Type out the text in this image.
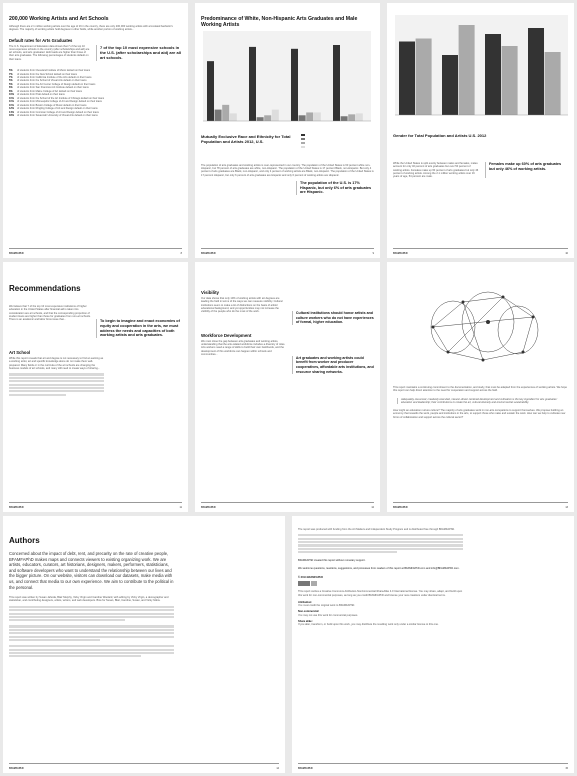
200,000 Working Artists and Art Schools
Although there are 2.1 million working artists over the age of 16 in the country, there are only 200,000 working artists with art-related bachelor's degrees. The majority of working artists hold degrees in other fields, while another portion of working artists...
Default rates for Arts Graduates
The U.S. Department of Education data shows that 7 of the top 10 most expensive schools in the country (after scholarships and aid) are art schools, and arts graduates' debt loads are higher than those of their arts graduates. The following percentages of students default on their loans.
7 of the top 10 most expensive schools in the U.S. (after scholarships and aid) are all art schools.
5%	of students from Cleveland Institute of Music default on their loans
7%	of students from the New School default on their loans
7%	of students from California Institute of the Arts default on their loans
5%	of students from the School of Visual Arts default on their loans
5%	of students from the Art Center College of Design default on their loans
6%	of students from San Francisco Art Institute default on their loans
8%	of students from Maine College of Art default on their loans
10%	of students from Pratt default on their loans
11%	of students from the School of the Art Institute of Chicago default on their loans
11%	of students from Minneapolis College of Art and Design default on their loans
11%	of students from Boston College of Music default on their loans
12%	of students from Ringling College of Art and Design default on their loans
14%	of students from Corcoran College of Art and Design default on their loans
18%	of students from Savannah University of Visual Arts default on their loans
BFAMFAPhD	8
Predominance of White, Non-Hispanic Arts Graduates and Male Working Artists
Mutually Exclusive Race and Ethnicity for Total Population and Artists 2012, U.S.
The population of arts graduates and working artists is over-represented in our country. The population of the United States is 63 percent white non-Hispanic, but 78 percent of arts graduates are white, non-Hispanic. The population of the United States is 17 percent Black, non-Hispanic. But only 4 percent of arts graduates are Black, non-Hispanic, and only 4 percent of working artists are Black, non-Hispanic. The population of the United States is 17 percent Hispanic, but only 6 percent of arts graduates are Hispanic and only 6 percent of working artists are Hispanic.
The population of the U.S. is 17% Hispanic, but only 6% of arts graduates are Hispanic.
BFAMFAPhD	9
Gender for Total Population and Artists U.S. 2012
While the United States is split evenly between males and females, males account for only 40 percent of arts graduates but over 50 percent of working artists. Females make up 60 percent of arts graduates but only 46 percent of working artists. Among the 2.1 million working artists over 16 years of age, 54 percent are male.
Females make up 60% of arts graduates but only 46% of working artists.
BFAMFAPhD	10
Recommendations
We believe that 7 of the top 10 most expensive institutions of higher education in the United States after financial aid is taken into consideration are art schools, and that the corresponding proportion of student loans are higher than those for graduates from non-art schools. There is an academic and labor force issue that...	To begin to imagine and enact economies of equity and cooperation in the arts, we must address the needs and capacities of both working artists and arts graduates.
Art School
While this report reveals that art and degree is not necessary to find an earning as a working artist, art and specific knowledge alone do not make them well-prepared. Many fields or in the curricula of the art schools are changing the business models of art schools, and many still need to create ways of sharing...
BFAMFAPhD	11
Visibility
Our data shows that only 10% of working artists with art degrees are leading the field in terms of the ways we can measure visibility. Cultural institutions seem to make a lot of distinctions on the basis of artists' educational background, and yet opportunities may not increase the visibility of the people who do the most of the work.	Cultural institutions should honor artists and culture workers who do not have experiences of formal, higher education.
Workforce Development
We must close the gap between arts graduates and working artists, understanding that the arts-related workforce includes a diversity of roles. Arts workers need a range of skills to build their own livelihoods, and the development of this workforce can happen within schools and communities...
Art graduates and working artists could benefit from worker and producer cooperatives, affordable arts institutions, and resource sharing networks.
BFAMFAPhD	12
This report maintains a continuing commitment to the documentation, and study, that must be adapted from the experiences of working artists. We hope this report can help direct attention to the need for cooperation and support across the field.
Adequately resourced, creatively executed, mission-driven centered development and cultivation is the key ingredient for arts graduates' education and leadership; their contributions to create the art, cultural diversity and environmental sustainability.
How might an education nurture culture? The majority of arts graduates work in non-arts occupations to support themselves. We propose building an economy that rewards the work, people and institutions in the arts, to support those who make and sustain the work. How can we help to cultivate new forms of collaboration and support across the cultural sector?
BFAMFAPhD	13
Authors
Concerned about the impact of debt, rent, and precarity on the rate of creative people, BFAMFAPhD makes maps and connects viewers to existing organizing work. We are artists, educators, curators, art historians, designers, makers, performers, statisticians, and software developers who want to understand the relationship between our lives and the bigger picture. On our website, visitors can download our datasets, make media with us, and connect that media to our own experience. We aim to contribute to the political in the personal.
This report was written by Susan Jahoda, Blair Murphy, Vicky Virgin and Caroline Woolard, with editing by Vicky Virgin, a demographer and statistician, and contributing designers, artists, writers, and web developers. Bios for Susan, Blair, Caroline, Susan, and Vicky follow.
BFAMFAPhD	14
The report was produced with funding from the Art Matters and Independent Study Program and is distributed free through BFAMFAPhD.
BFAMFAPhD created this report without monetary support.
We welcome questions, reactions, suggestions, and processes from readers of this report at BFAMFAPhD.com and info@BFAMFAPhD.com.
© 2014 BFAMFAPhD
This report carries a Creative Commons Attribution-NonCommercial-ShareAlike 4.0 International license. You may share, adapt, and build upon this work for non-commercial purposes, as long as you credit BFAMFAPhD and license your new creations under identical terms.
Attribution:
You must credit the original work to BFAMFAPhD.
Non-commercial:
You may not use this work for commercial purposes.
Share alike:
If you alter, transform, or build upon this work, you may distribute the resulting work only under a similar license to this one.
BFAMFAPhD	15
